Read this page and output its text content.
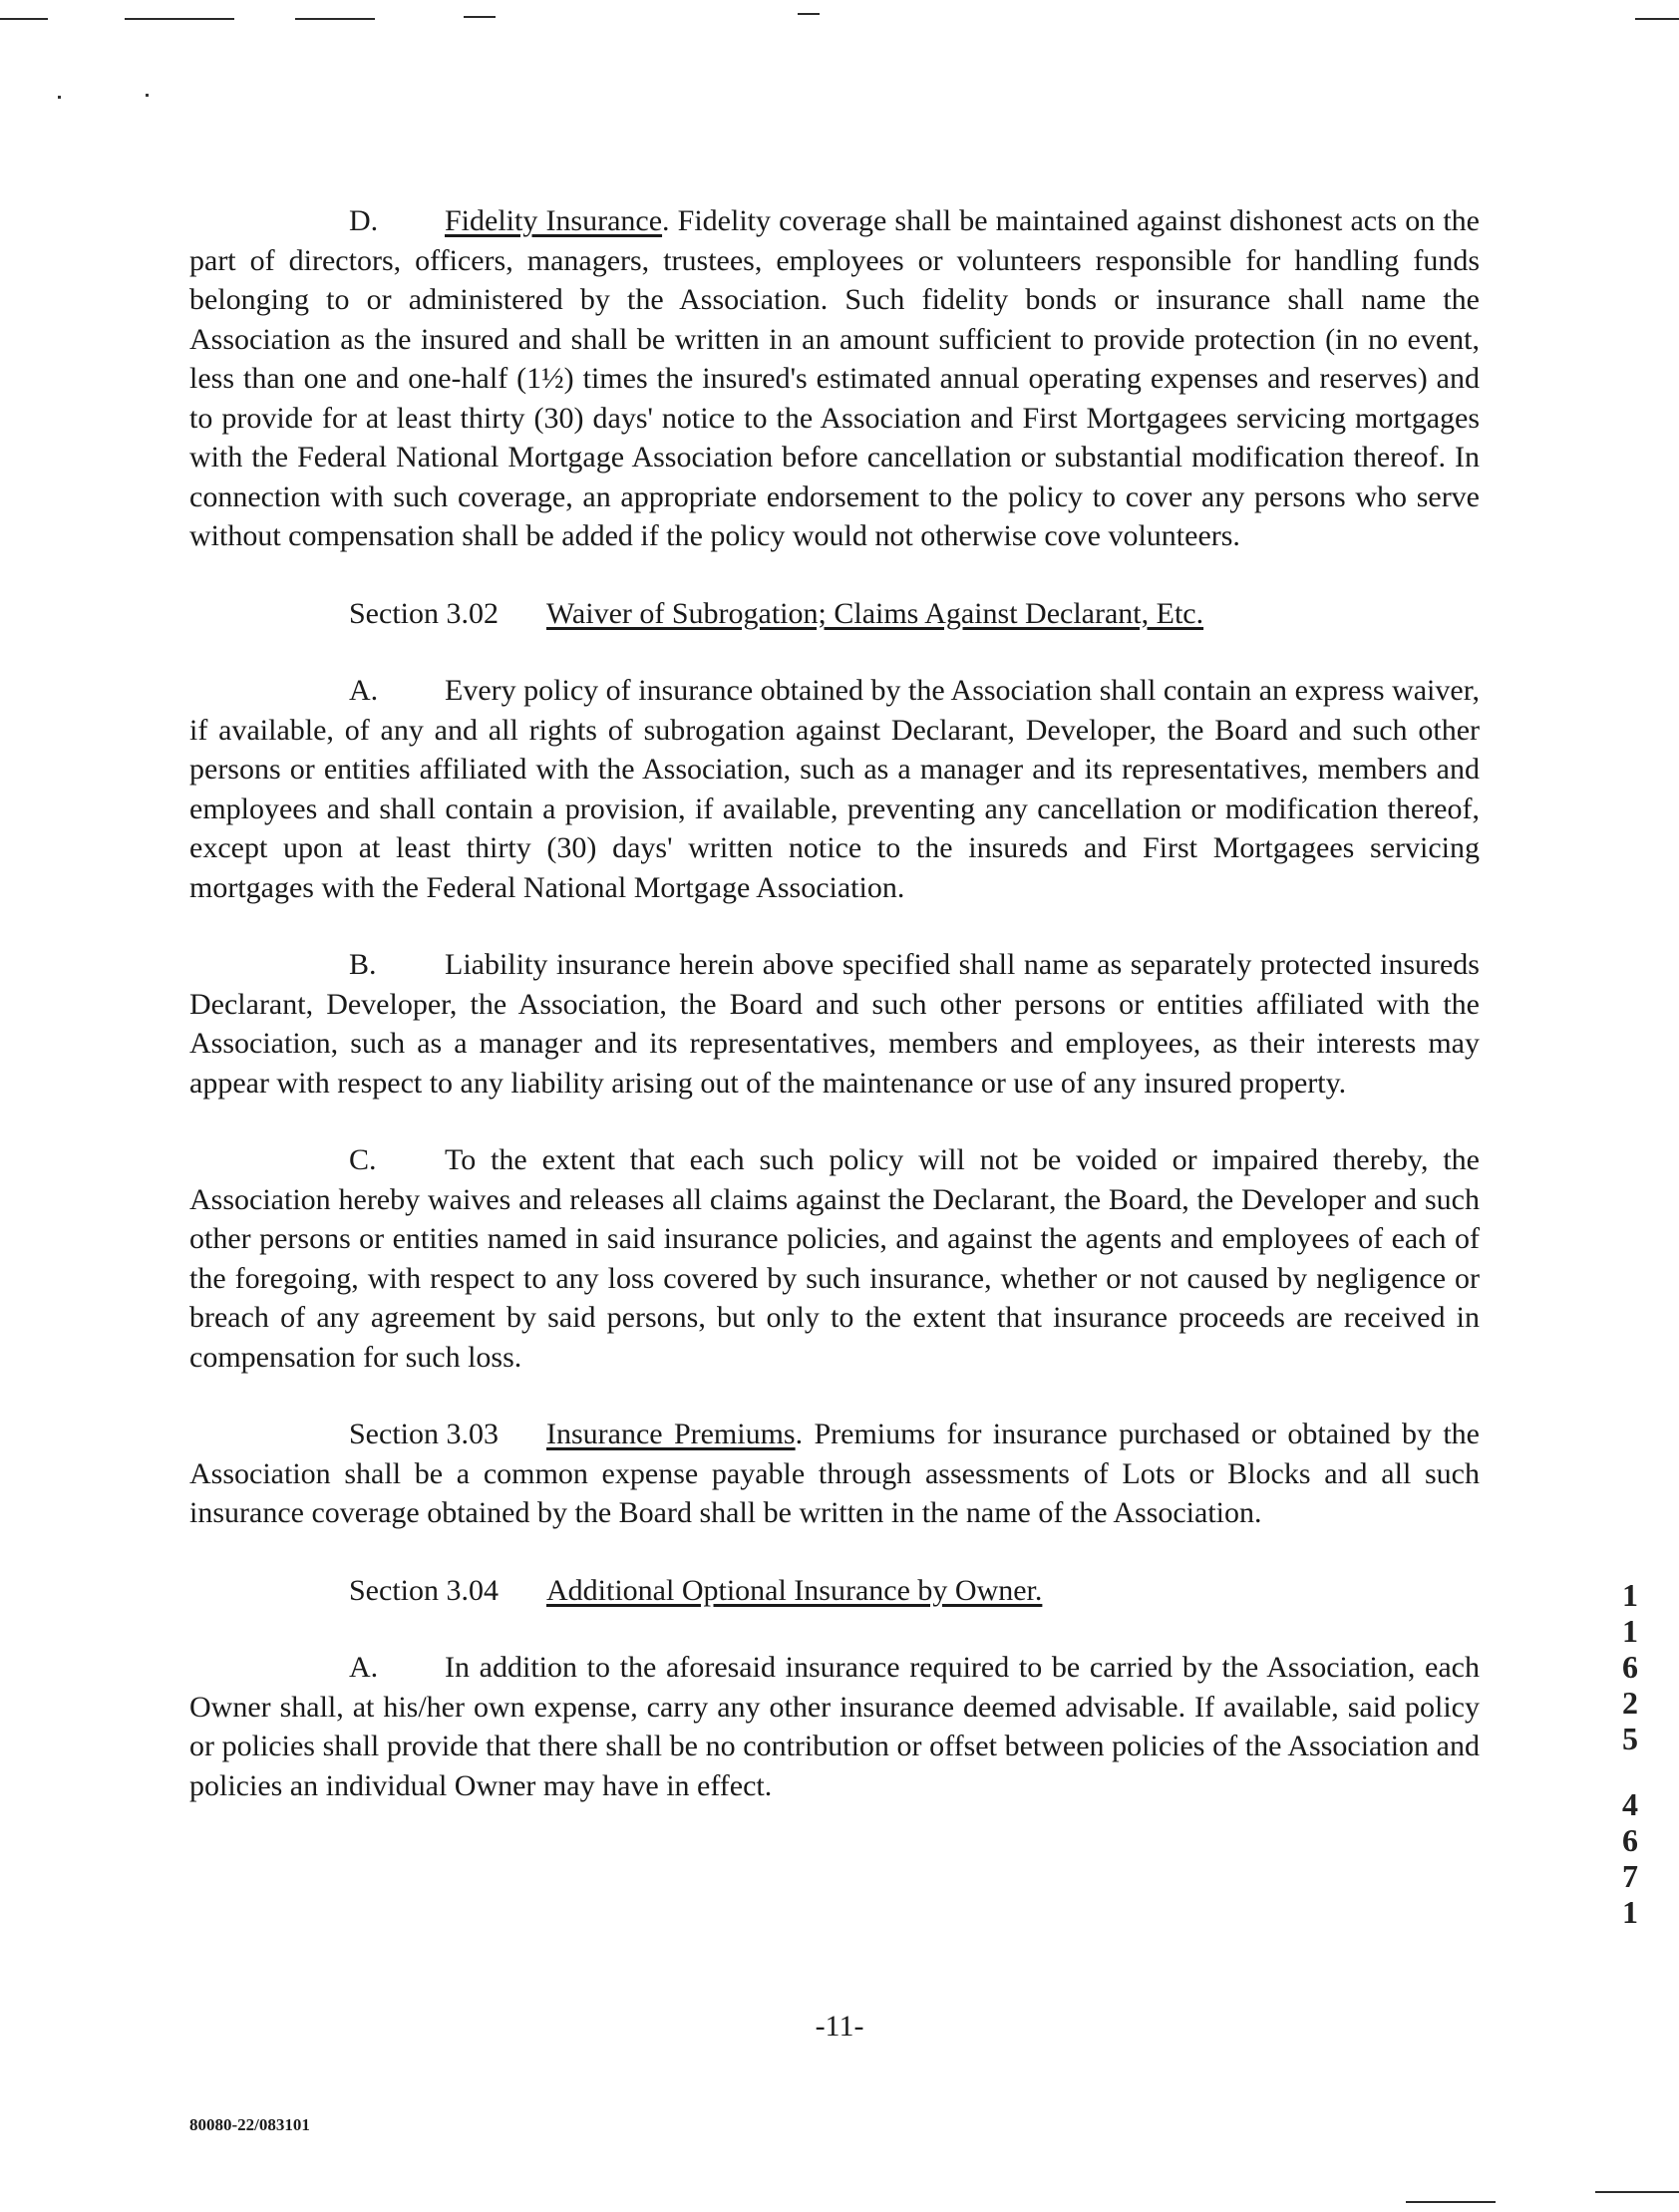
D. Fidelity Insurance. Fidelity coverage shall be maintained against dishonest acts on the part of directors, officers, managers, trustees, employees or volunteers responsible for handling funds belonging to or administered by the Association. Such fidelity bonds or insurance shall name the Association as the insured and shall be written in an amount sufficient to provide protection (in no event, less than one and one-half (1½) times the insured's estimated annual operating expenses and reserves) and to provide for at least thirty (30) days' notice to the Association and First Mortgagees servicing mortgages with the Federal National Mortgage Association before cancellation or substantial modification thereof. In connection with such coverage, an appropriate endorsement to the policy to cover any persons who serve without compensation shall be added if the policy would not otherwise cove volunteers.

Section 3.02 Waiver of Subrogation; Claims Against Declarant, Etc.

A. Every policy of insurance obtained by the Association shall contain an express waiver, if available, of any and all rights of subrogation against Declarant, Developer, the Board and such other persons or entities affiliated with the Association, such as a manager and its representatives, members and employees and shall contain a provision, if available, preventing any cancellation or modification thereof, except upon at least thirty (30) days' written notice to the insureds and First Mortgagees servicing mortgages with the Federal National Mortgage Association.

B. Liability insurance herein above specified shall name as separately protected insureds Declarant, Developer, the Association, the Board and such other persons or entities affiliated with the Association, such as a manager and its representatives, members and employees, as their interests may appear with respect to any liability arising out of the maintenance or use of any insured property.

C. To the extent that each such policy will not be voided or impaired thereby, the Association hereby waives and releases all claims against the Declarant, the Board, the Developer and such other persons or entities named in said insurance policies, and against the agents and employees of each of the foregoing, with respect to any loss covered by such insurance, whether or not caused by negligence or breach of any agreement by said persons, but only to the extent that insurance proceeds are received in compensation for such loss.

Section 3.03 Insurance Premiums. Premiums for insurance purchased or obtained by the Association shall be a common expense payable through assessments of Lots or Blocks and all such insurance coverage obtained by the Board shall be written in the name of the Association.

Section 3.04 Additional Optional Insurance by Owner.

A. In addition to the aforesaid insurance required to be carried by the Association, each Owner shall, at his/her own expense, carry any other insurance deemed advisable. If available, said policy or policies shall provide that there shall be no contribution or offset between policies of the Association and policies an individual Owner may have in effect.

1
1
6
2
5
4
6
7
1
-11-
80080-22/083101
